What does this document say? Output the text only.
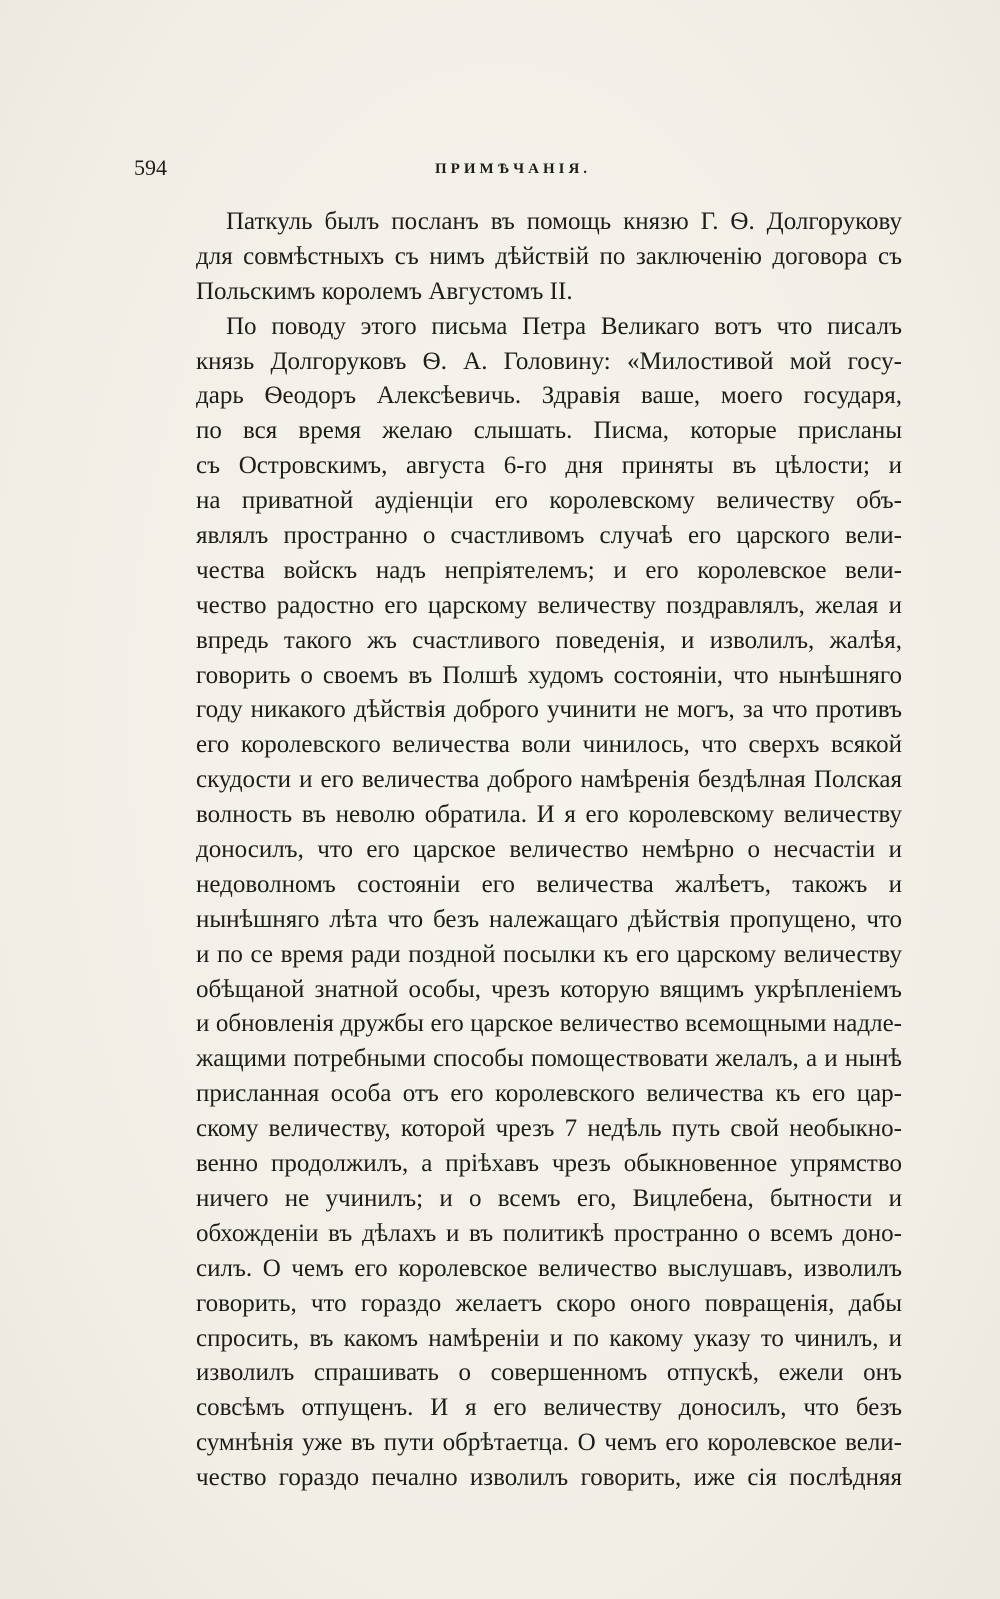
594	ПРИМѢЧАНІЯ.
Паткуль былъ посланъ въ помощь князю Г. Ѳ. Долгорукову
для совмѣстныхъ съ нимъ дѣйствій по заключенію договора съ
Польскимъ королемъ Августомъ II.
По поводу этого письма Петра Великаго вотъ что писалъ
князь Долгоруковъ Ѳ. А. Головину: «Милостивой мой госу-
дарь Ѳеодоръ Алексѣевичь. Здравія ваше, моего государя,
по вся время желаю слышать. Писма, которые присланы
съ Островскимъ, августа 6-го дня приняты въ цѣлости; и
на приватной аудіенціи его королевскому величеству объ-
являлъ пространно о счастливомъ случаѣ его царского вели-
чества войскъ надъ непріятелемъ; и его королевское вели-
чество радостно его царскому величеству поздравлялъ, желая и
впредь такого жъ счастливого поведенія, и изволилъ, жалѣя,
говорить о своемъ въ Полшѣ худомъ состояніи, что нынѣшняго
году никакого дѣйствія доброго учинити не могъ, за что противъ
его королевского величества воли чинилось, что сверхъ всякой
скудости и его величества доброго намѣренія бездѣлная Полская
волность въ неволю обратила. И я его королевскому величеству
доносилъ, что его царское величество немѣрно о несчастіи и
недоволномъ состояніи его величества жалѣетъ, такожъ и
нынѣшняго лѣта что безъ належащаго дѣйствія пропущено, что
и по се время ради поздной посылки къ его царскому величеству
обѣщаной знатной особы, чрезъ которую вящимъ укрѣпленіемъ
и обновленія дружбы его царское величество всемощными надле-
жащими потребными способы помоществовати желалъ, а и нынѣ
присланная особа отъ его королевского величества къ его цар-
скому величеству, которой чрезъ 7 недѣль путь свой необыкно-
венно продолжилъ, а пріѣхавъ чрезъ обыкновенное упрямство
ничего не учинилъ; и о всемъ его, Вицлебена, бытности и
обхожденіи въ дѣлахъ и въ политикѣ пространно о всемъ доно-
силъ. О чемъ его королевское величество выслушавъ, изволилъ
говорить, что гораздо желаетъ скоро оного повращенія, дабы
спросить, въ какомъ намѣреніи и по какому указу то чинилъ, и
изволилъ спрашивать о совершенномъ отпускѣ, ежели онъ
совсѣмъ отпущенъ. И я его величеству доносилъ, что безъ
сумнѣнія уже въ пути обрѣтаетца. О чемъ его королевское вели-
чество гораздо печално изволилъ говорить, иже сія послѣдняя
